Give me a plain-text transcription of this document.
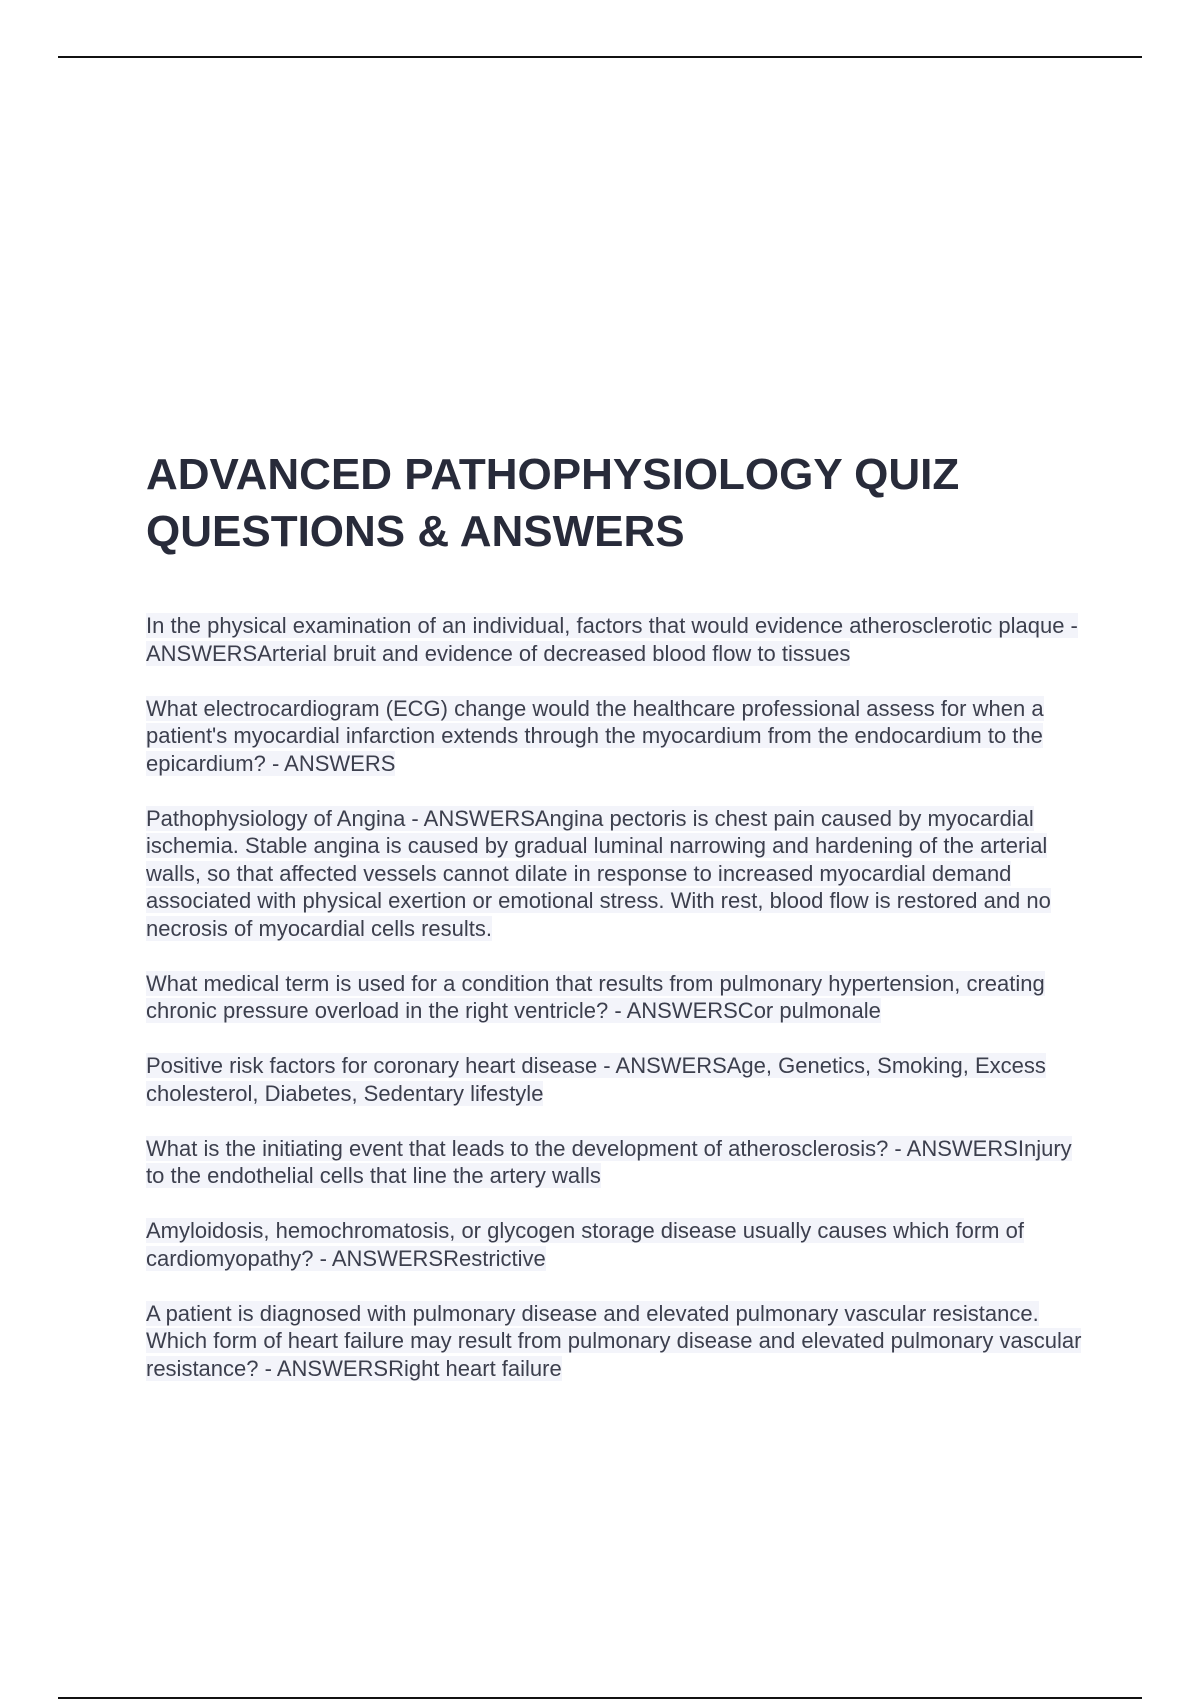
ADVANCED PATHOPHYSIOLOGY QUIZ QUESTIONS & ANSWERS
In the physical examination of an individual, factors that would evidence atherosclerotic plaque - ANSWERSArterial bruit and evidence of decreased blood flow to tissues
What electrocardiogram (ECG) change would the healthcare professional assess for when a patient's myocardial infarction extends through the myocardium from the endocardium to the epicardium? - ANSWERS
Pathophysiology of Angina - ANSWERSAngina pectoris is chest pain caused by myocardial ischemia. Stable angina is caused by gradual luminal narrowing and hardening of the arterial walls, so that affected vessels cannot dilate in response to increased myocardial demand associated with physical exertion or emotional stress. With rest, blood flow is restored and no necrosis of myocardial cells results.
What medical term is used for a condition that results from pulmonary hypertension, creating chronic pressure overload in the right ventricle? - ANSWERSCor pulmonale
Positive risk factors for coronary heart disease - ANSWERSAge, Genetics, Smoking, Excess cholesterol, Diabetes, Sedentary lifestyle
What is the initiating event that leads to the development of atherosclerosis? - ANSWERSInjury to the endothelial cells that line the artery walls
Amyloidosis, hemochromatosis, or glycogen storage disease usually causes which form of cardiomyopathy? - ANSWERSRestrictive
A patient is diagnosed with pulmonary disease and elevated pulmonary vascular resistance. Which form of heart failure may result from pulmonary disease and elevated pulmonary vascular resistance? - ANSWERSRight heart failure
